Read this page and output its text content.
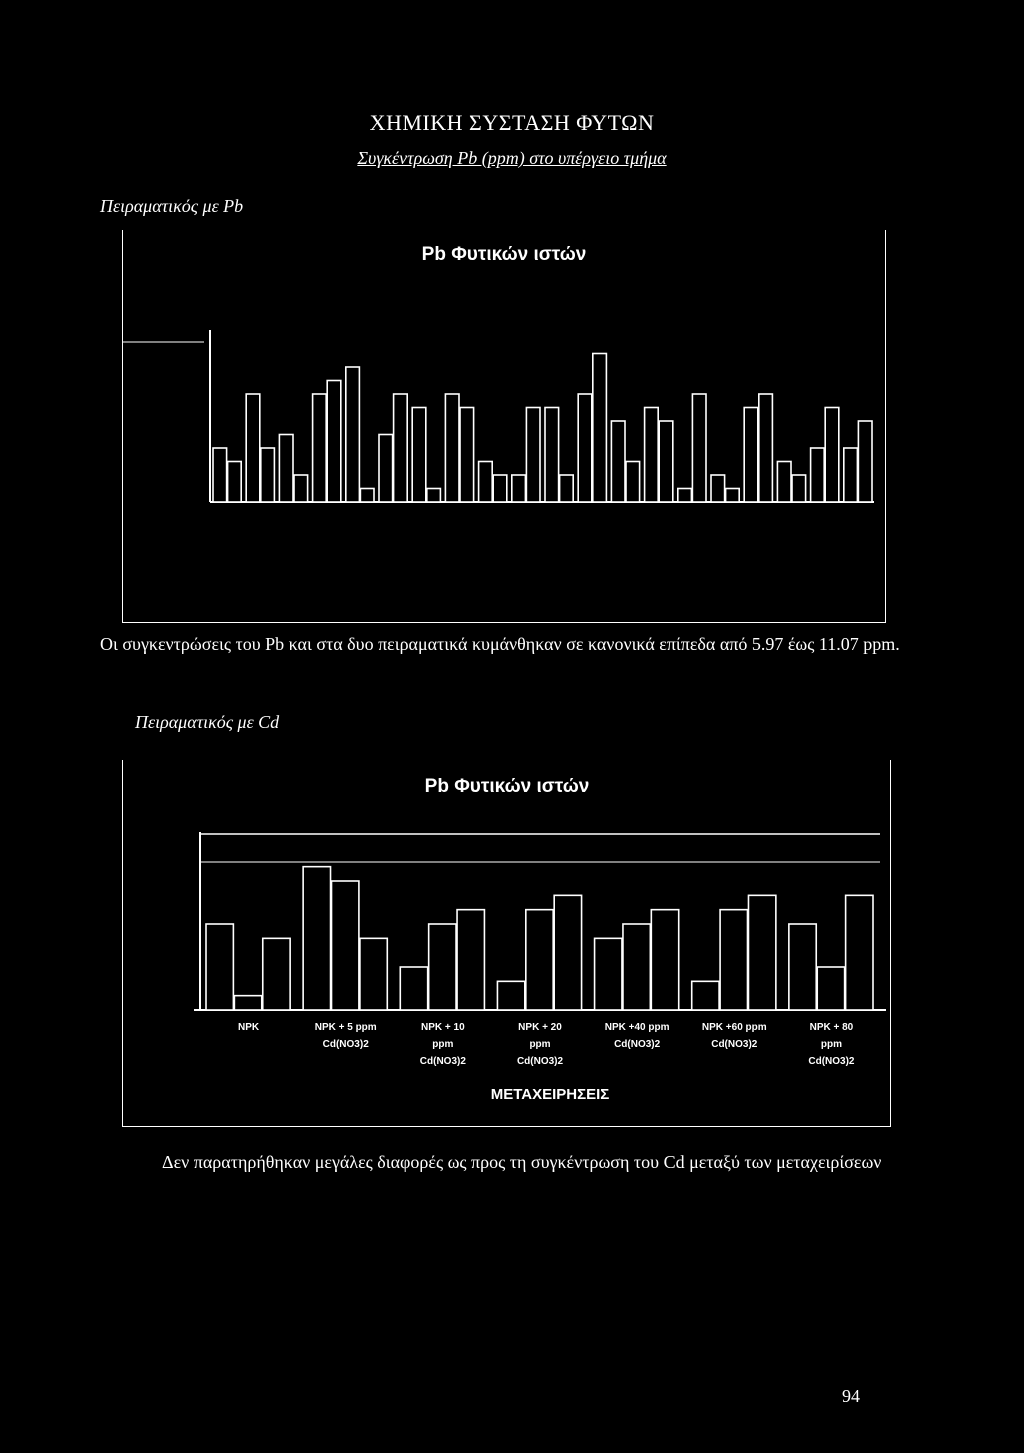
ΧΗΜΙΚΗ ΣΥΣΤΑΣΗ ΦΥΤΩΝ
Συγκέντρωση Pb (ppm) στο υπέργειο τμήμα
Πειραματικός με Pb
Pb Φυτικών ιστών
Οι συγκεντρώσεις του Pb και στα δυο πειραματικά κυμάνθηκαν σε κανονικά επίπεδα από 5.97 έως 11.07 ppm.
Πειραματικός με Cd
Pb Φυτικών ιστών
NPK	NPK + 5 ppm Cd(NO3)2
NPK + 10 ppm Cd(NO3)2
NPK + 20 ppm Cd(NO3)2
NPK +40 ppm Cd(NO3)2
NPK +60 ppm Cd(NO3)2
NPK + 80 ppm Cd(NO3)2
ΜΕΤΑΧΕΙΡΗΣΕΙΣ
Δεν παρατηρήθηκαν μεγάλες διαφορές ως προς τη συγκέντρωση του Cd μεταξύ των μεταχειρίσεων
94
